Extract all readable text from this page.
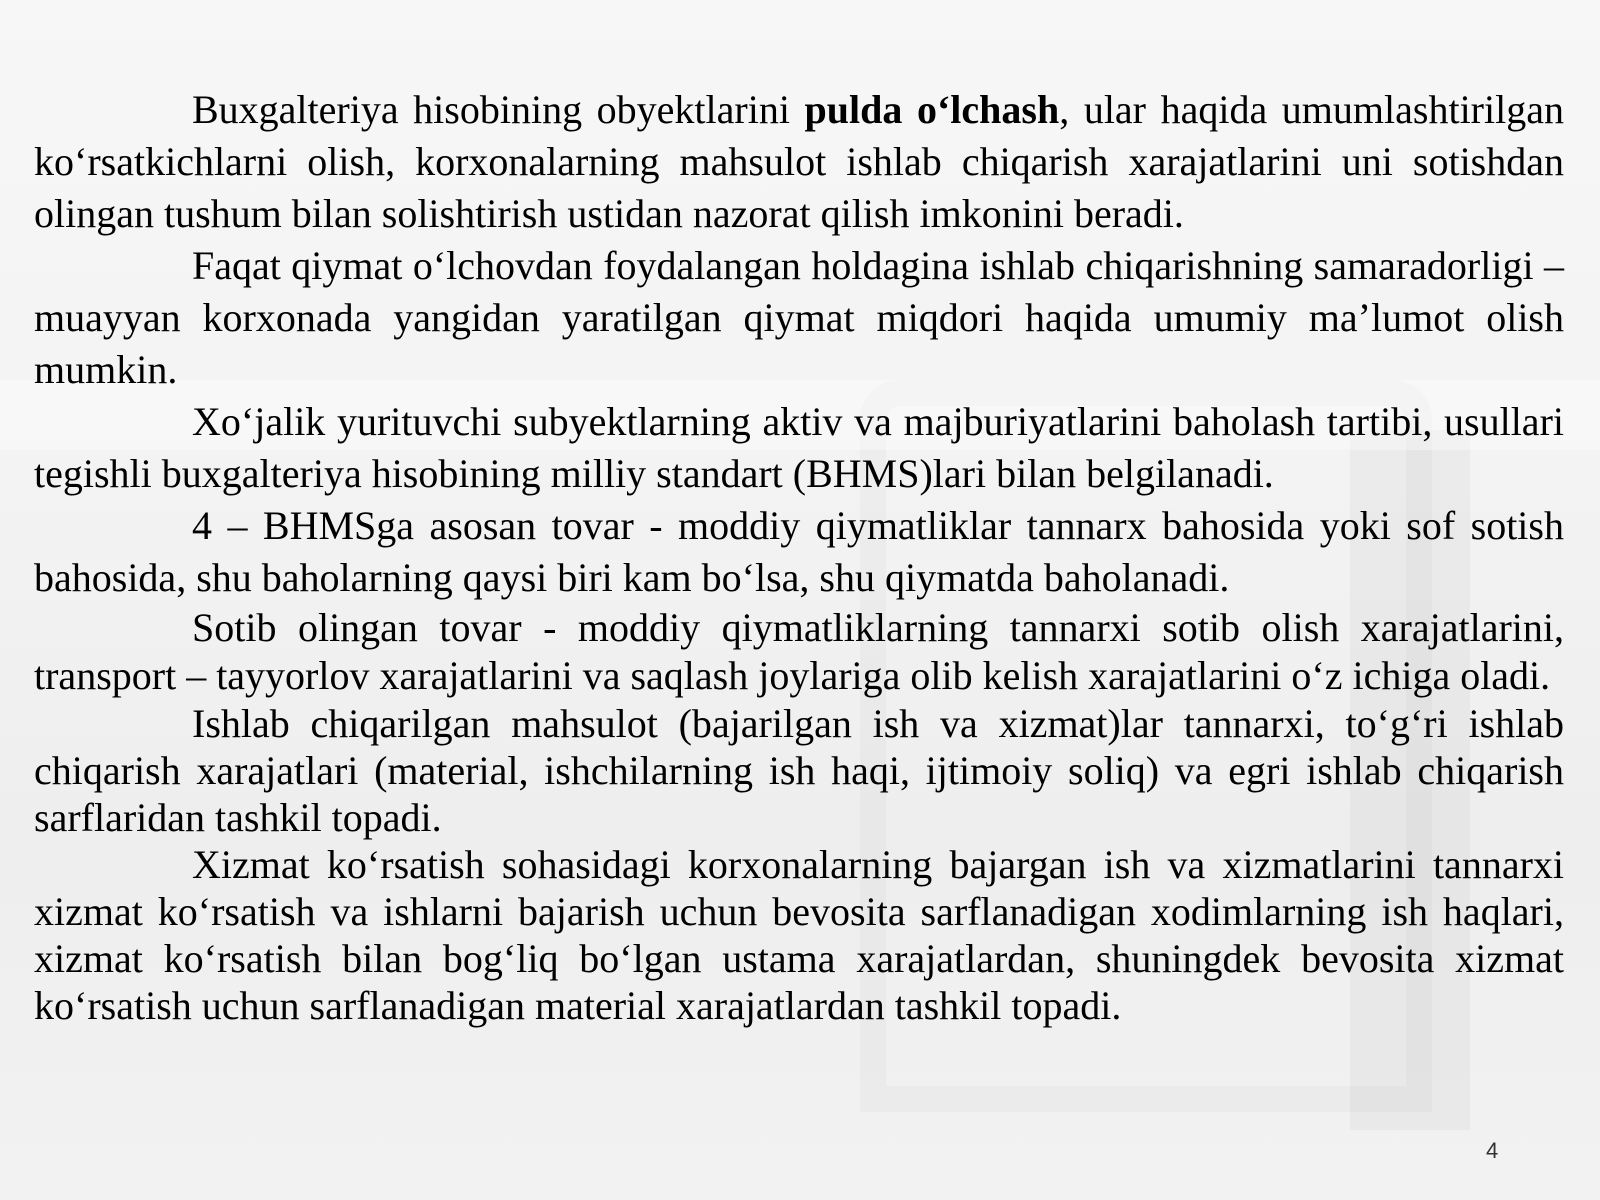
Buxgalteriya hisobining obyektlarini pulda o‘lchash, ular haqida umumlashtirilgan ko‘rsatkichlarni olish, korxonalarning mahsulot ishlab chiqarish xarajatlarini uni sotishdan olingan tushum bilan solishtirish ustidan nazorat qilish imkonini beradi.

Faqat qiymat o‘lchovdan foydalangan holdagina ishlab chiqarishning samaradorligi – muayyan korxonada yangidan yaratilgan qiymat miqdori haqida umumiy ma’lumot olish mumkin.

Xo‘jalik yurituvchi subyektlarning aktiv va majburiyatlarini baholash tartibi, usullari tegishli buxgalteriya hisobining milliy standart (BHMS)lari bilan belgilanadi.

4 – BHMSga asosan tovar - moddiy qiymatliklar tannarx bahosida yoki sof sotish bahosida, shu baholarning qaysi biri kam bo‘lsa, shu qiymatda baholanadi.

Sotib olingan tovar - moddiy qiymatliklarning tannarxi sotib olish xarajatlarini, transport – tayyorlov xarajatlarini va saqlash joylariga olib kelish xarajatlarini o‘z ichiga oladi.

Ishlab chiqarilgan mahsulot (bajarilgan ish va xizmat)lar tannarxi, to‘g‘ri ishlab chiqarish xarajatlari (material, ishchilarning ish haqi, ijtimoiy soliq) va egri ishlab chiqarish sarflaridan tashkil topadi.

Xizmat ko‘rsatish sohasidagi korxonalarning bajargan ish va xizmatlarini tannarxi xizmat ko‘rsatish va ishlarni bajarish uchun bevosita sarflanadigan xodimlarning ish haqlari, xizmat ko‘rsatish bilan bog‘liq bo‘lgan ustama xarajatlardan, shuningdek bevosita xizmat ko‘rsatish uchun sarflanadigan material xarajatlardan tashkil topadi.

4
